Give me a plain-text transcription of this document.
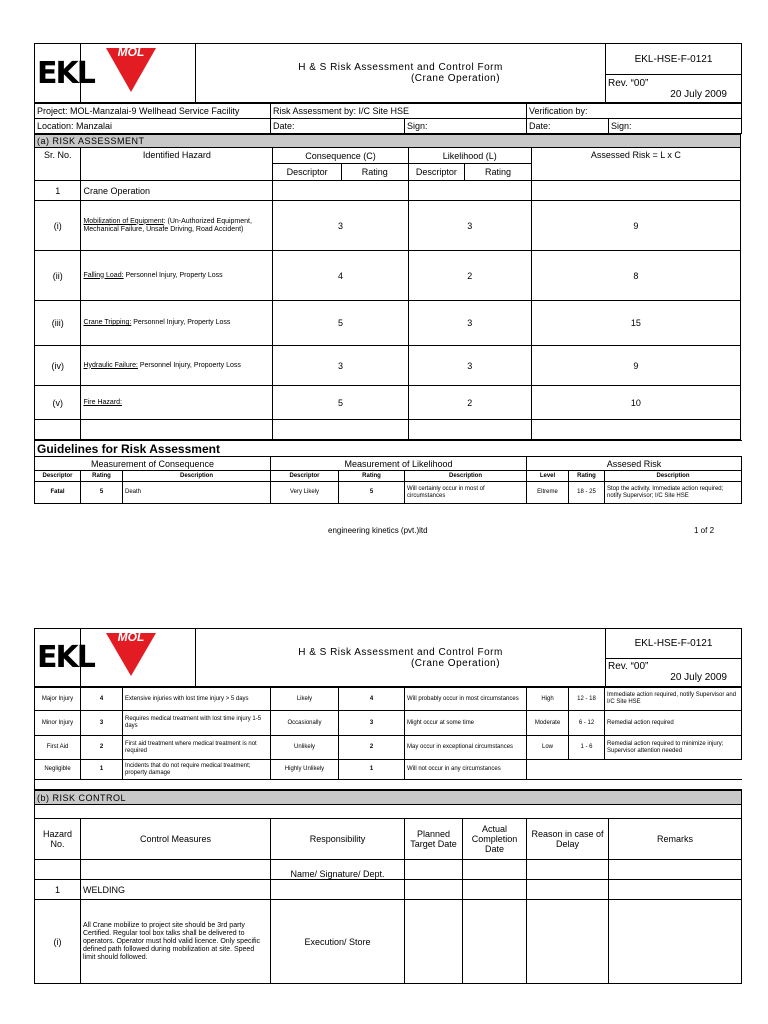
EKL	
MOL

H & S Risk Assessment and Control Form
(Crane Operation)
	EKL-HSE-F-0121

Rev. “00”
20 July 2009
Project: MOL-Manzalai-9 Wellhead Service Facility	Risk Assessment by: I/C Site HSE		Verification by:	
Location: Manzalai	Date:	Sign:	Date:	Sign:
(a) RISK ASSESSMENT						
Sr. No.	Identified Hazard	Consequence (C)		Likelihood (L)		Assessed Risk = L x C
		Descriptor	Rating	Descriptor	Rating	
1	Crane Operation					
(i)	Mobilization of Equipment: (Un-Authorized Equipment, Mechanical Failure, Unsafe Driving, Road Accident)	3		3		9
(ii)	Falling Load: Personnel Injury, Property Loss	4		2		8
(iii)	Crane Tripping: Personnel Injury, Property Loss	5		3		15
(iv)	Hydraulic Failure: Personnel Injury, Propoerty Loss	3		3		9
(v)	Fire Hazard:	5		2		10

Guidelines for Risk Assessment								
Measurement of Consequence			Measurement of Likelihood			Assesed Risk		
Descriptor	Rating	Description	Descriptor	Rating	Description	Level	Rating	Description
Fatal	5	Death	Very Likely	5	Will certainly occur in most of circumstances	Eltreme	18 - 25	Stop the activity. Immediate action required; notify Supervisor; I/C Site HSE
engineering kinetics (pvt.)ltd	1 of 2
EKL	
MOL

H & S Risk Assessment and Control Form
(Crane Operation)
	EKL-HSE-F-0121

Rev. “00”
20 July 2009
Major Injury	4	Extensive injuries with lost time injury > 5 days	Likely	4	Will probably occur in most circumstances	High	12 - 18	Immediate action required, notify Supervisor and I/C Site HSE
Minor Injury	3	Requires medical treatment with lost time injury 1-5 days	Occasionally	3	Might occur at some time	Moderate	6 - 12	Remedial action required
First Aid	2	First aid treatment where medical treatment is not required	Unlikely	2	May occur in exceptional circumstances	Low	1 - 6	Remedial action required to minimize injury; Supervisor attention needed
Negligible	1	Incidents that do not require medical treatment; property damage	Highly Unlikely	1	Will not occur in any circumstances			

(b) RISK CONTROL						

Hazard No.	Control Measures	Responsibility	Planned Target Date	Actual Completion Date	Reason in case of Delay	Remarks
		Name/ Signature/ Dept.				
1	WELDING					
(i)	All Crane mobilize to project site should be 3rd party Certified. Regular tool box talks shall be delivered to operators. Operator must hold valid licence. Only specific defined path followed during mobilization at site. Speed limit should followed.	Execution/ Store				
